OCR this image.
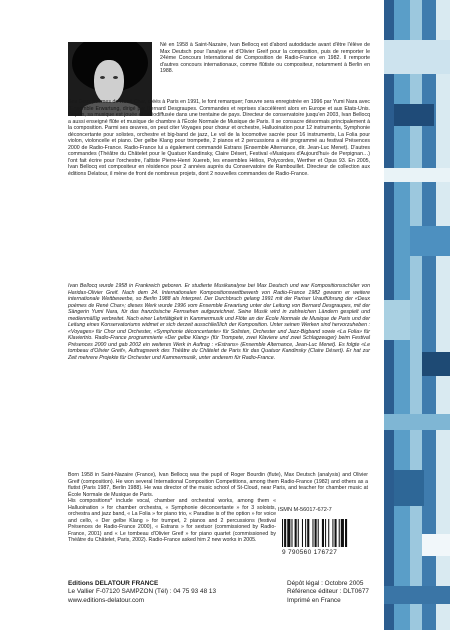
Né en 1958 à Saint-Nazaire, Ivan Bellocq est d'abord autodidacte avant d'être l'élève de Max Deutsch pour l'analyse et d'Olivier Greif pour la composition, puis de remporter le 24ème Concours International de Composition de Radio-France en 1982. Il remporte d'autres concours internationaux, comme flûtiste ou compositeur, notamment à Berlin en 1988.

Ses Deux poèmes de René Char, créés à Paris en 1991, le font remarquer; l'œuvre sera enregistrée en 1996 par Yumi Nara avec l'Ensemble Erwartung, dirigé par Bernard Desgraupes. Commandes et reprises s'accélèrent alors en Europe et aux Etats-Unis. Depuis, sa musique est jouée et radiodiffusée dans une trentaine de pays. Directeur de conservatoire jusqu'en 2003, Ivan Bellocq a aussi enseigné flûte et musique de chambre à l'École Normale de Musique de Paris. Il se consacre désormais principalement à la composition. Parmi ses œuvres, on peut citer Voyages pour chœur et orchestre, Halluoination pour 12 instruments, Symphonie déconcertante pour solistes, orchestre et big-band de jazz, Le vol de la locomotive sacrée pour 16 instruments, La Folia pour violon, violoncelle et piano. Der gelbe Klang pour trompette, 2 pianos et 2 percussions a été programmé au festival Présences 2000 de Radio-France. Radio-France lui a également commandé Estrans (Ensemble Alternance, dir. Jean-Luc Menet). D'autres commandes (Théâtre du Châtelet pour le Quatuor Kandinsky, Claire Désert, Festival «Musiques d'Aujourd'hui» de Perpignan…) l'ont fait écrire pour l'orchestre, l'altiste Pierre-Henri Xuereb, les ensembles Hélios, Polycordes, Werther et Opus 93. En 2005, Ivan Bellocq est compositeur en résidence pour 2 années auprès du Conservatoire de Rambouillet. Directeur de collection aux éditions Delatour, il mène de front de nombreux projets, dont 2 nouvelles commandes de Radio-France.

Ivan Bellocq wurde 1958 in Frankreich geboren. Er studierte Musikanalyse bei Max Deutsch und war Kompositionsschüler von Haridas-Olivier Greif. Nach dem 24. Internationalen Kompositionswettbewerb von Radio-France 1982 gewann er weitere internationale Wettbewerbe, so Berlin 1988 als Interpret. Der Durchbruch gelang 1991 mit der Pariser Uraufführung der «Deux poèmes de René Char»; dieses Werk wurde 1996 vom Ensemble Erwartung unter der Leitung von Bernard Desgraupes, mit der Sängerin Yumi Nara, für das französische Fernsehen aufgezeichnet. Seine Musik wird in zahlreichen Ländern gespielt und medienmäßig verbreitet. Nach einer Lehrtätigkeit in Kammermusik und Flöte an der École Normale de Musique de Paris und der Leitung eines Konservatoriums widmet er sich derzeit ausschließlich der Komposition. Unter seinen Werken sind hervorzuheben : «Voyages» für Chor und Orchester, «Symphonie déconcertante» für Solisten, Orchester und Jazz-Bigband sowie «La Folia» für Klaviertrio. Radio-France programmierte «Der gelbe Klang» (für Trompete, zwei Klaviere und zwei Schlagzeuger) beim Festival Présences 2000 und gab 2002 ein weiteres Werk in Auftrag : «Estrans» (Ensemble Alternance, Jean-Luc Menet). Es folgte «Le tombeau d'Olivier Greif», Auftragswerk des Théâtre du Châtelet de Paris für das Quatuor Kandinsky (Claire Désert). Er hat zur Zeit mehrere Projekte für Orchester und Kammermusik, unter anderem für Radio-France.

Born 1958 in Saint-Nazaire (France), Ivan Bellocq was the pupil of Roger Bourdin (flute), Max Deutsch (analysis) and Olivier Greif (composition). He won several International Composition Competitions, among them Radio-France (1982) and others as a flutist (Paris 1987, Berlin 1988). He was director of the music school of St-Cloud, near Paris, and teacher for chamber music at École Normale de Musique de Paris.

His compositions* include vocal, chamber and orchestral works, among them « Halluoination » for chamber orchestra, « Symphonie déconcertante » for 3 soloists, orchestra and jazz band, « La Folia » for piano trio, « Paradise is of the option » for voice and cello, « Der gelbe Klang » for trumpet, 2 pianos and 2 percussions (festival Présences de Radio-France 2000), « Estrans » for sextuor (commissioned by Radio-France, 2001) and « Le tombeau d'Olivier Greif » for piano quartet (commissioned by Théâtre du Châtelet, Paris, 2002). Radio-France asked him 2 new works in 2005.

ISMN M-56017-672-7
9 790560 176727
Editions DELATOUR FRANCE
Le Vallier F-07120 SAMPZON (Tél) : 04 75 93 48 13
www.editions-delatour.com
Dépôt légal : Octobre 2005
Référence éditeur : DLT0677
Imprimé en France
